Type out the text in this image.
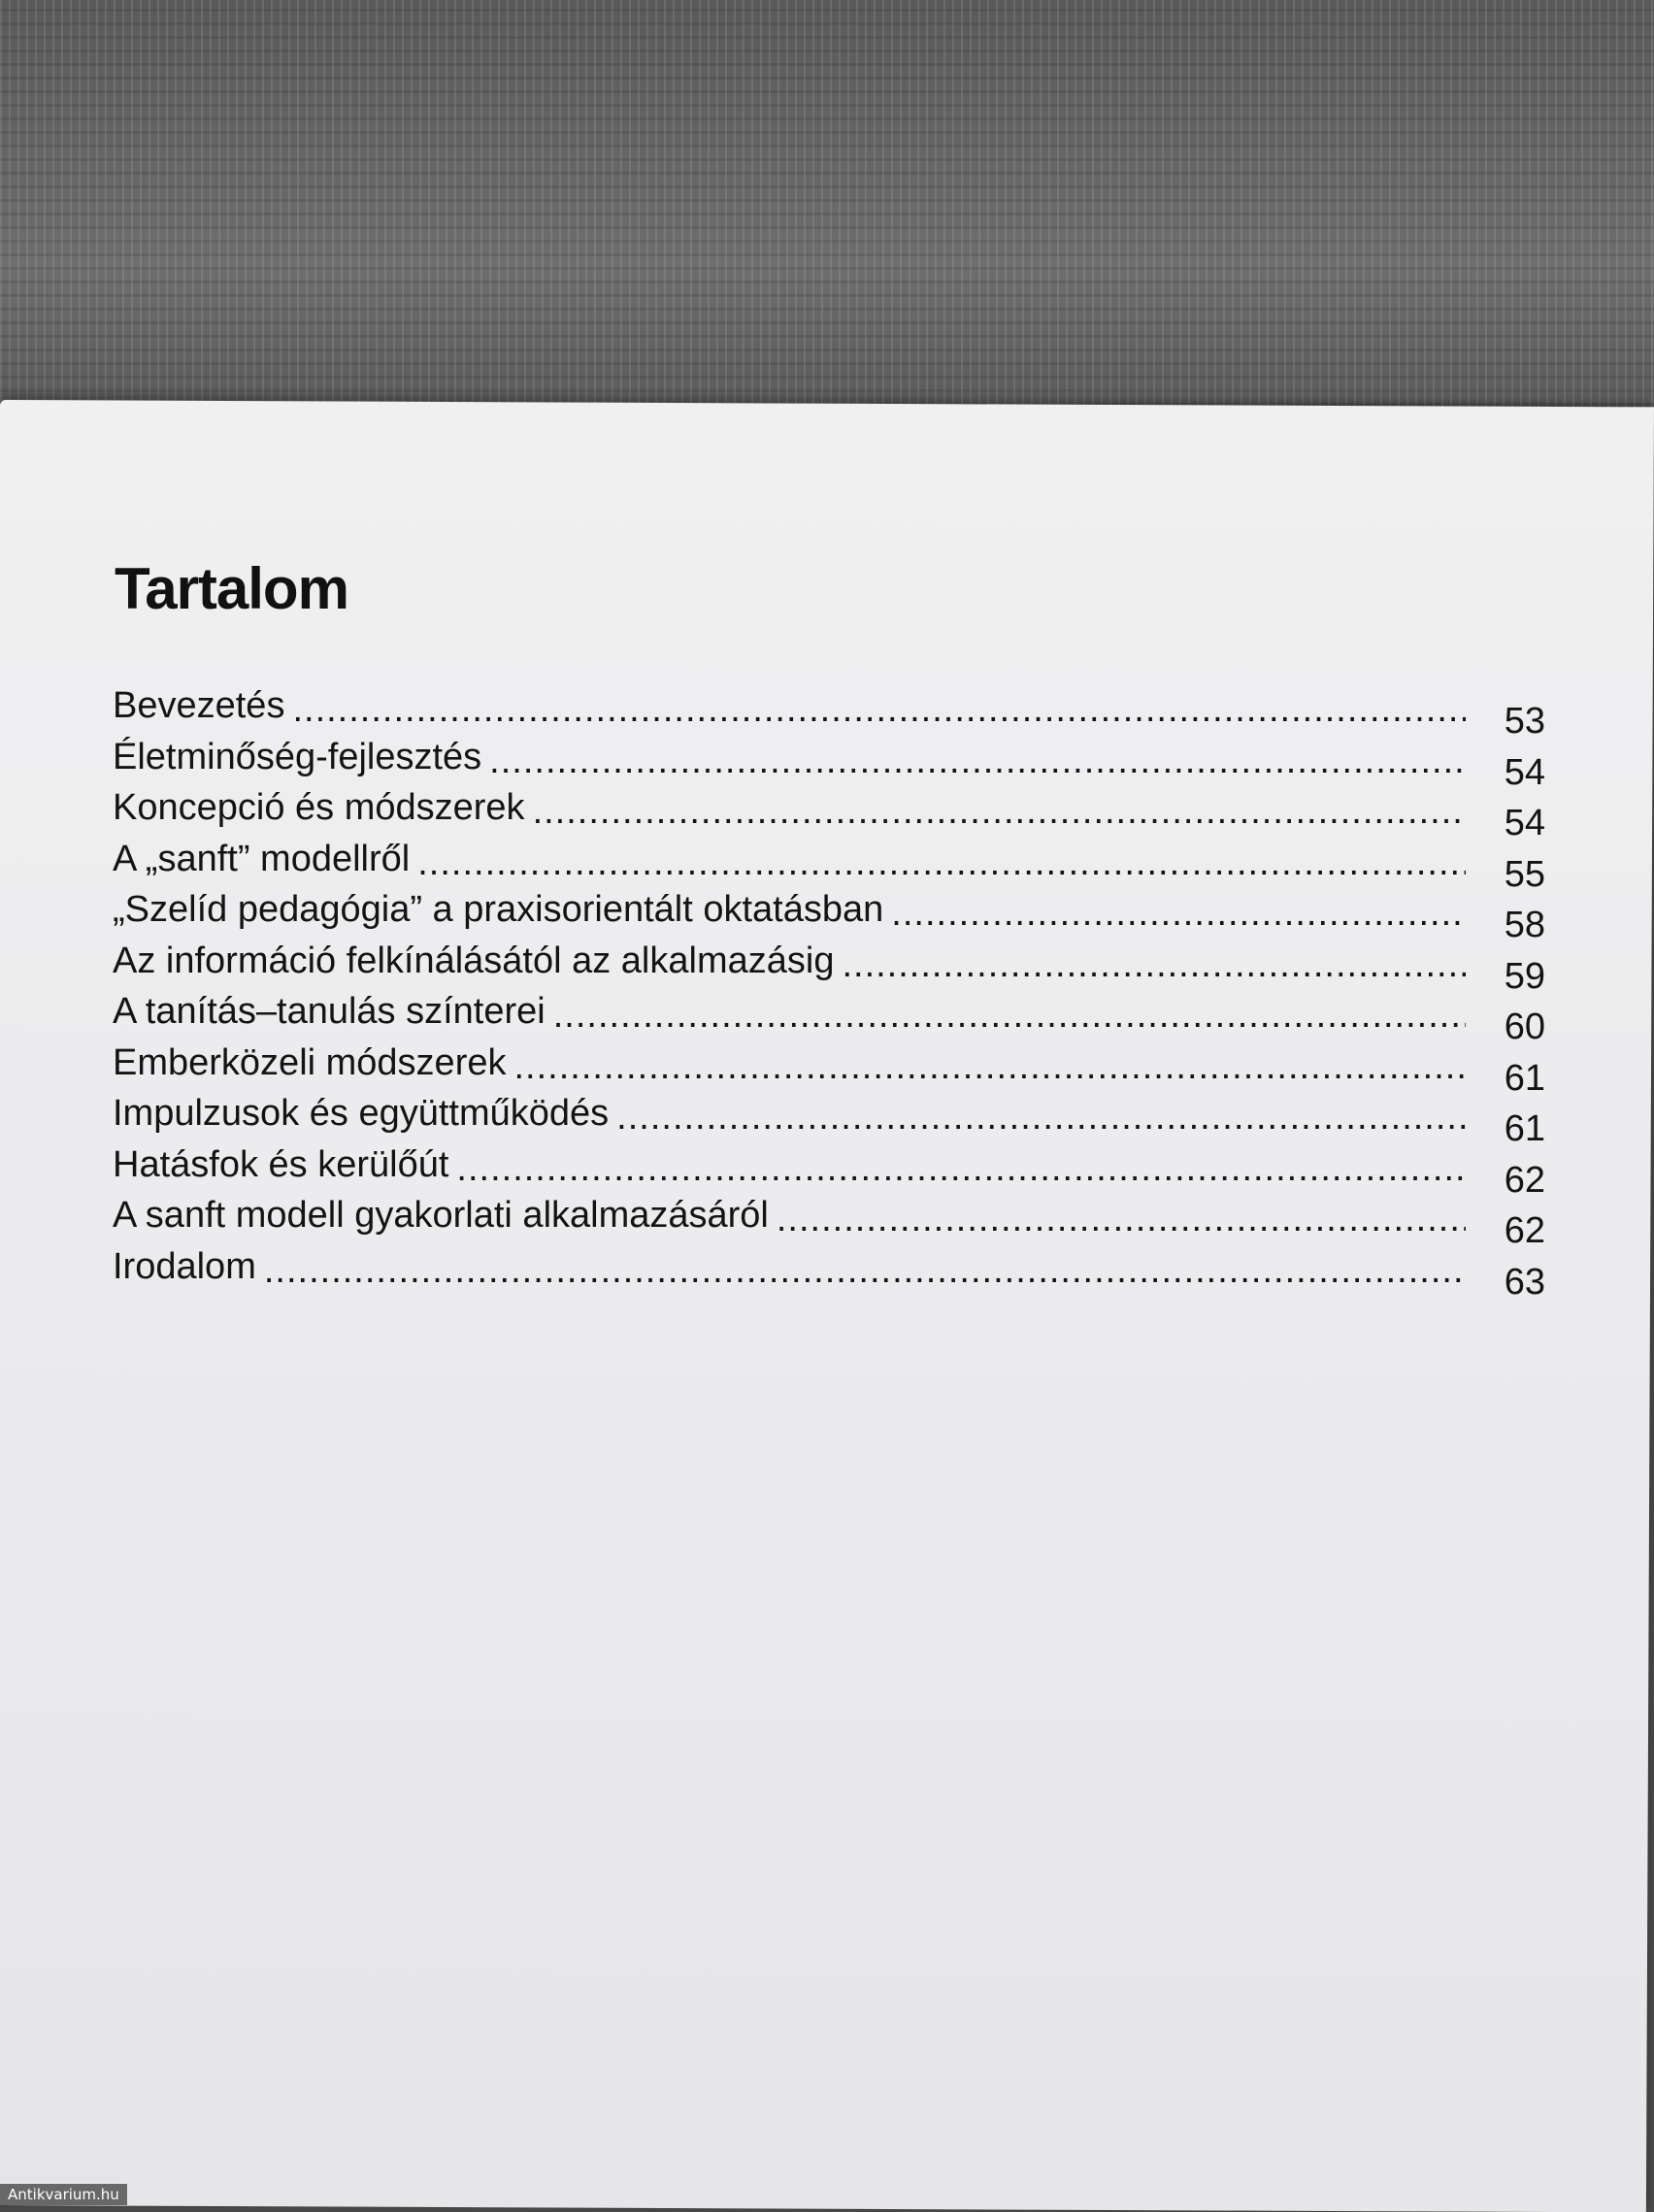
Tartalom
Bevezetés .....	53
Életminőség-fejlesztés .....	54
Koncepció és módszerek .....	54
A „sanft” modellről .....	55
„Szelíd pedagógia” a praxisorientált oktatásban .....	58
Az információ felkínálásától az alkalmazásig .....	59
A tanítás–tanulás színterei .....	60
Emberközeli módszerek .....	61
Impulzusok és együttműködés .....	61
Hatásfok és kerülőút .....	62
A sanft modell gyakorlati alkalmazásáról .....	62
Irodalom .....	63
Antikvarium.hu
